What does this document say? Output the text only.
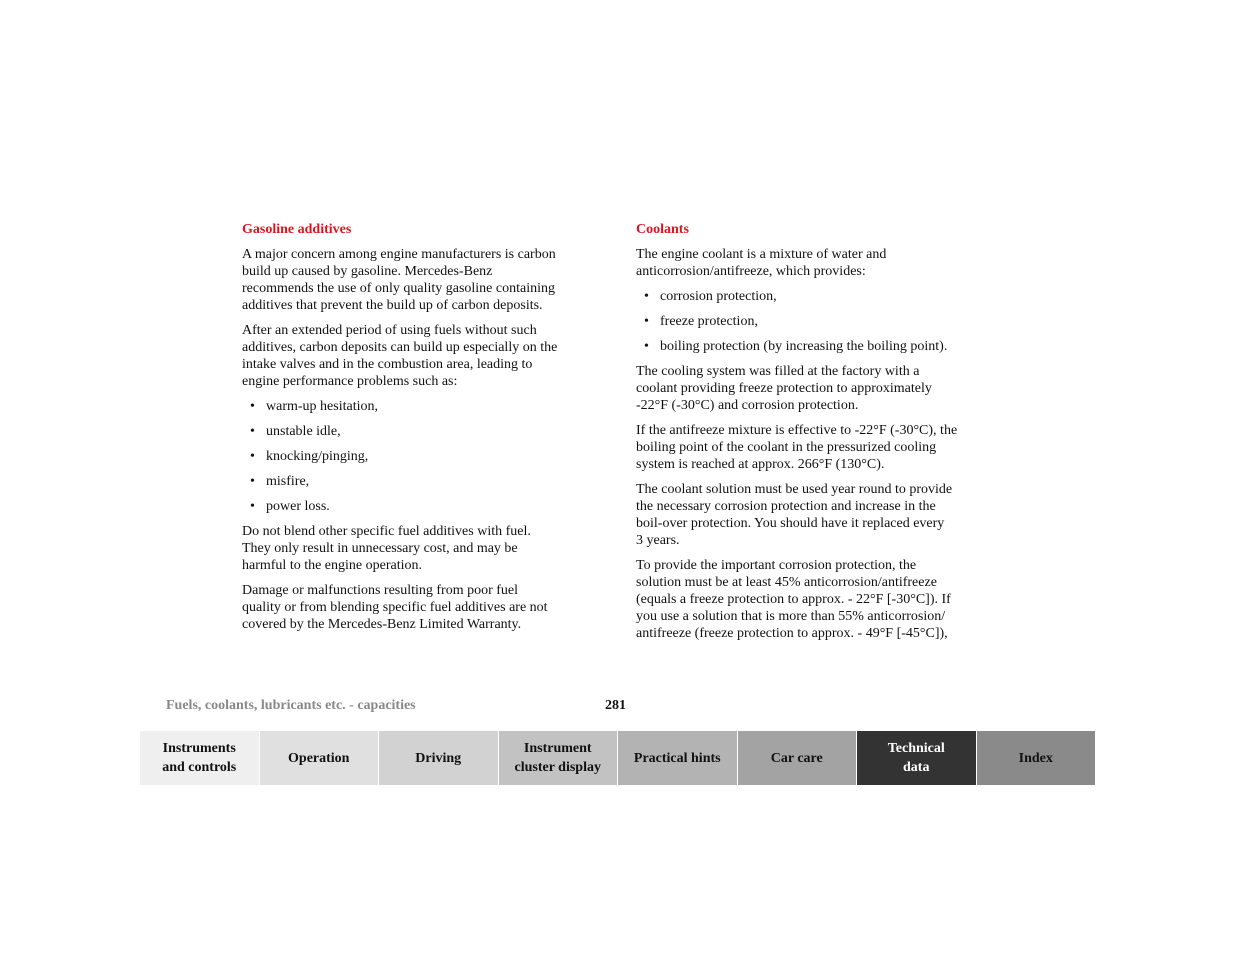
Gasoline additives
A major concern among engine manufacturers is carbon
build up caused by gasoline. Mercedes-Benz
recommends the use of only quality gasoline containing
additives that prevent the build up of carbon deposits.
After an extended period of using fuels without such
additives, carbon deposits can build up especially on the
intake valves and in the combustion area, leading to
engine performance problems such as:
• warm-up hesitation,
• unstable idle,
• knocking/pinging,
• misfire,
• power loss.
Do not blend other specific fuel additives with fuel.
They only result in unnecessary cost, and may be
harmful to the engine operation.
Damage or malfunctions resulting from poor fuel
quality or from blending specific fuel additives are not
covered by the Mercedes-Benz Limited Warranty.
Coolants
The engine coolant is a mixture of water and
anticorrosion/antifreeze, which provides:
• corrosion protection,
• freeze protection,
• boiling protection (by increasing the boiling point).
The cooling system was filled at the factory with a
coolant providing freeze protection to approximately
-22°F (-30°C) and corrosion protection.
If the antifreeze mixture is effective to -22°F (-30°C), the
boiling point of the coolant in the pressurized cooling
system is reached at approx. 266°F (130°C).
The coolant solution must be used year round to provide
the necessary corrosion protection and increase in the
boil-over protection. You should have it replaced every
3 years.
To provide the important corrosion protection, the
solution must be at least 45% anticorrosion/antifreeze
(equals a freeze protection to approx. - 22°F [-30°C]). If
you use a solution that is more than 55% anticorrosion/
antifreeze (freeze protection to approx. - 49°F [-45°C]),
Fuels, coolants, lubricants etc. - capacities	281
Instruments
and controls
Operation	Driving
Instrument
cluster display
Practical hints	Car care
Technical
data
Index
